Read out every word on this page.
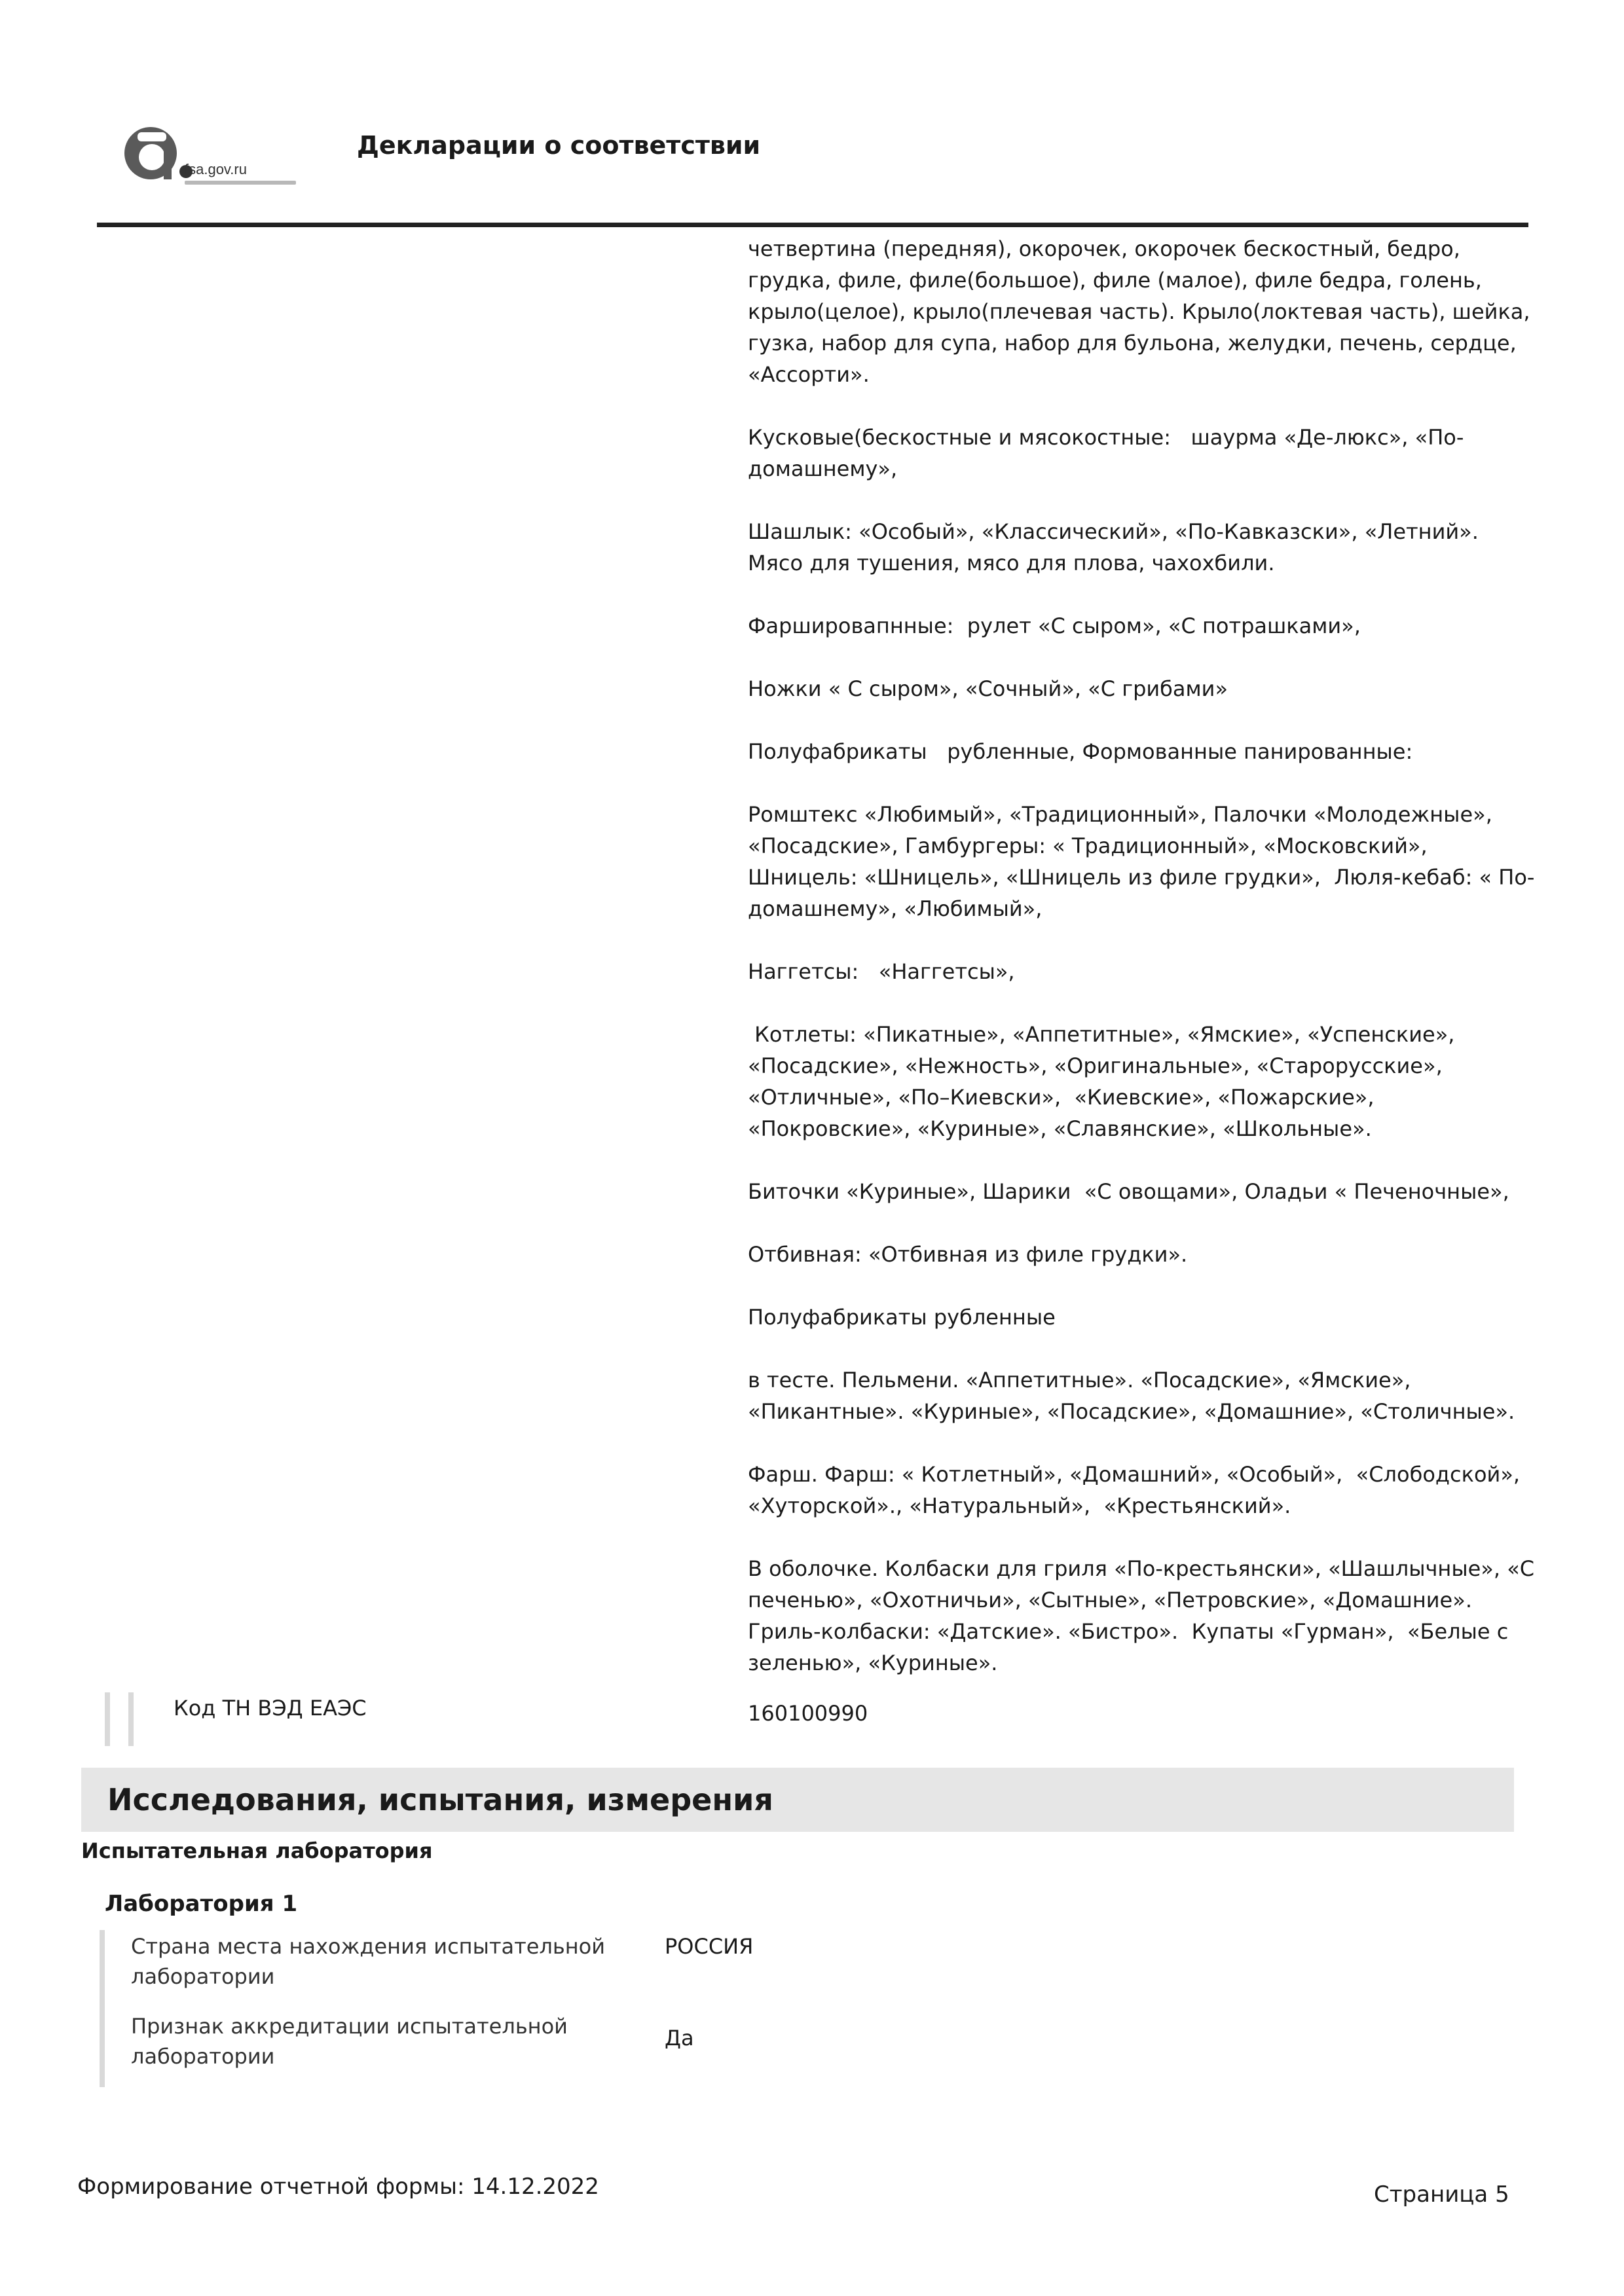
fsa.gov.ru
Декларации о соответствии

четвертина (передняя), окорочек, окорочек бескостный, бедро,
грудка, филе, филе(большое), филе (малое), филе бедра, голень,
крыло(целое), крыло(плечевая часть). Крыло(локтевая часть), шейка,
гузка, набор для супа, набор для бульона, желудки, печень, сердце,
«Ассорти».

Кусковые(бескостные и мясокостные:   шаурма «Де-люкс», «По-
домашнему»,

Шашлык: «Особый», «Классический», «По-Кавказски», «Летний».
Мясо для тушения, мясо для плова, чахохбили.

Фаршировапнные:  рулет «С сыром», «С потрашками»,

Ножки « С сыром», «Сочный», «С грибами»

Полуфабрикаты   рубленные, Формованные панированные:

Ромштекс «Любимый», «Традиционный», Палочки «Молодежные»,
«Посадские», Гамбургеры: « Традиционный», «Московский»,
Шницель: «Шницель», «Шницель из филе грудки»,  Люля-кебаб: « По-
домашнему», «Любимый»,

Наггетсы:   «Наггетсы»,

Котлеты: «Пикатные», «Аппетитные», «Ямские», «Успенские»,
«Посадские», «Нежность», «Оригинальные», «Старорусские»,
«Отличные», «По–Киевски»,  «Киевские», «Пожарские»,
«Покровские», «Куриные», «Славянские», «Школьные».

Биточки «Куриные», Шарики  «С овощами», Оладьи « Печеночные»,

Отбивная: «Отбивная из филе грудки».

Полуфабрикаты рубленные

в тесте. Пельмени. «Аппетитные». «Посадские», «Ямские»,
«Пикантные». «Куриные», «Посадские», «Домашние», «Столичные».

Фарш. Фарш: « Котлетный», «Домашний», «Особый»,  «Слободской»,
«Хуторской»., «Натуральный»,  «Крестьянский».

В оболочке. Колбаски для гриля «По-крестьянски», «Шашлычные», «С
печенью», «Охотничьи», «Сытные», «Петровские», «Домашние».
Гриль-колбаски: «Датские». «Бистро».  Купаты «Гурман»,  «Белые с
зеленью», «Куриные».

Код ТН ВЭД ЕАЭС	160100990
Исследования, испытания, измерения
Испытательная лаборатория
Лаборатория 1
Страна места нахождения испытательной
лаборатории
РОССИЯ
Признак аккредитации испытательной
лаборатории
Да
Формирование отчетной формы: 14.12.2022	Страница 5
